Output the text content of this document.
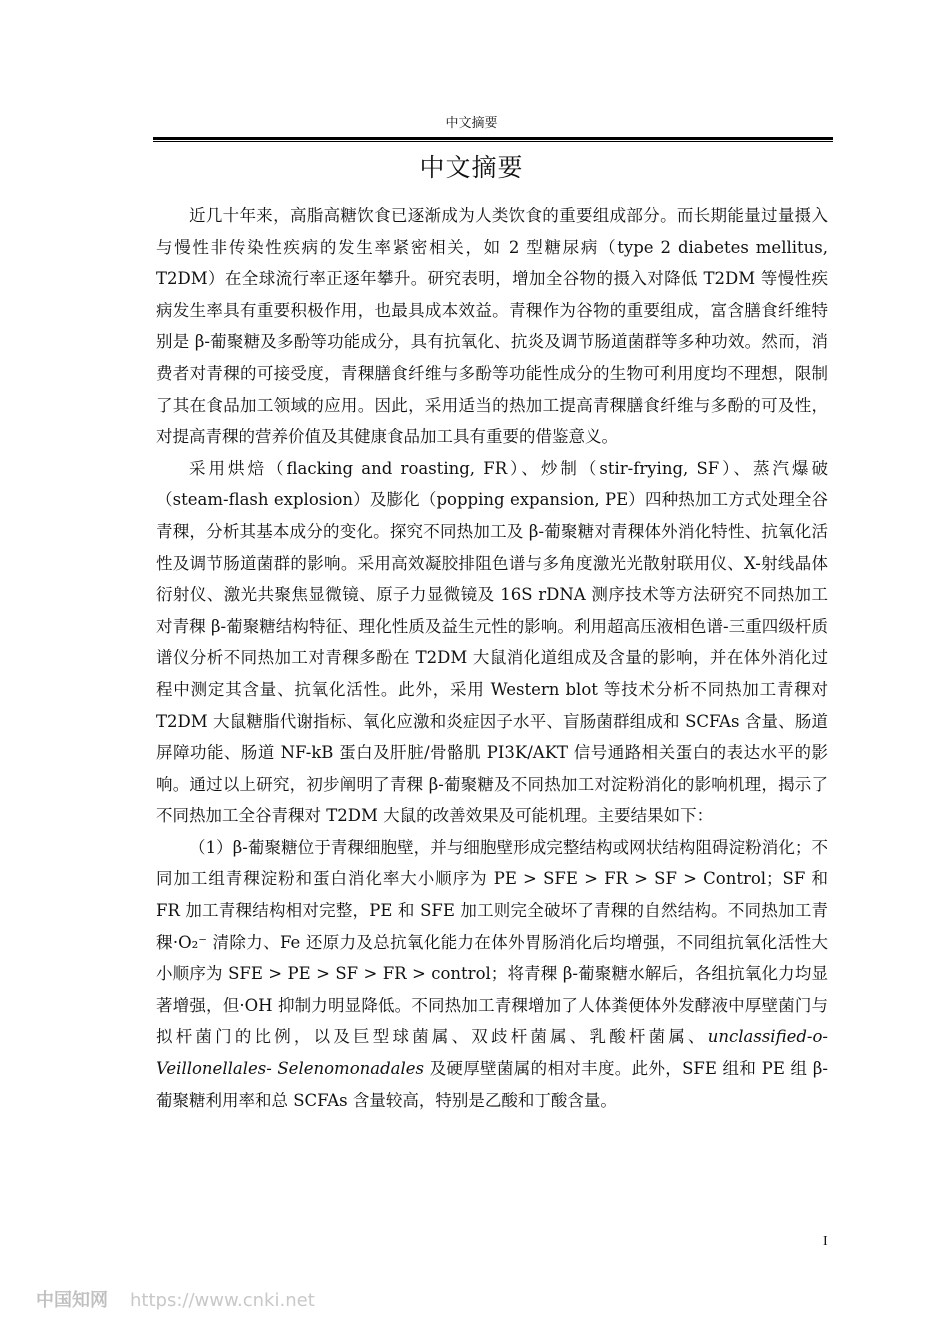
中文摘要
中文摘要

近几十年来，高脂高糖饮食已逐渐成为人类饮食的重要组成部分。而长期能量过量摄入与慢性非传染性疾病的发生率紧密相关，如 2 型糖尿病（type 2 diabetes mellitus, T2DM）在全球流行率正逐年攀升。研究表明，增加全谷物的摄入对降低 T2DM 等慢性疾病发生率具有重要积极作用，也最具成本效益。青稞作为谷物的重要组成，富含膳食纤维特别是 β-葡聚糖及多酚等功能成分，具有抗氧化、抗炎及调节肠道菌群等多种功效。然而，消费者对青稞的可接受度，青稞膳食纤维与多酚等功能性成分的生物可利用度均不理想，限制了其在食品加工领域的应用。因此，采用适当的热加工提高青稞膳食纤维与多酚的可及性，对提高青稞的营养价值及其健康食品加工具有重要的借鉴意义。

采用烘焙（flacking and roasting, FR）、炒制（stir-frying, SF）、蒸汽爆破（steam-flash explosion）及膨化（popping expansion, PE）四种热加工方式处理全谷青稞，分析其基本成分的变化。探究不同热加工及 β-葡聚糖对青稞体外消化特性、抗氧化活性及调节肠道菌群的影响。采用高效凝胶排阻色谱与多角度激光光散射联用仪、X-射线晶体衍射仪、激光共聚焦显微镜、原子力显微镜及 16S rDNA 测序技术等方法研究不同热加工对青稞 β-葡聚糖结构特征、理化性质及益生元性的影响。利用超高压液相色谱-三重四级杆质谱仪分析不同热加工对青稞多酚在 T2DM 大鼠消化道组成及含量的影响，并在体外消化过程中测定其含量、抗氧化活性。此外，采用 Western blot 等技术分析不同热加工青稞对 T2DM 大鼠糖脂代谢指标、氧化应激和炎症因子水平、盲肠菌群组成和 SCFAs 含量、肠道屏障功能、肠道 NF-kB 蛋白及肝脏/骨骼肌 PI3K/AKT 信号通路相关蛋白的表达水平的影响。通过以上研究，初步阐明了青稞 β-葡聚糖及不同热加工对淀粉消化的影响机理，揭示了不同热加工全谷青稞对 T2DM 大鼠的改善效果及可能机理。主要结果如下：

（1）β-葡聚糖位于青稞细胞壁，并与细胞壁形成完整结构或网状结构阻碍淀粉消化；不同加工组青稞淀粉和蛋白消化率大小顺序为 PE > SFE > FR > SF > Control；SF 和 FR 加工青稞结构相对完整，PE 和 SFE 加工则完全破坏了青稞的自然结构。不同热加工青稞·O₂⁻ 清除力、Fe 还原力及总抗氧化能力在体外胃肠消化后均增强，不同组抗氧化活性大小顺序为 SFE > PE > SF > FR > control；将青稞 β-葡聚糖水解后，各组抗氧化力均显著增强，但·OH 抑制力明显降低。不同热加工青稞增加了人体粪便体外发酵液中厚壁菌门与拟杆菌门的比例，以及巨型球菌属、双歧杆菌属、乳酸杆菌属、unclassified-o-Veillonellales- Selenomonadales 及硬厚壁菌属的相对丰度。此外，SFE 组和 PE 组 β-葡聚糖利用率和总 SCFAs 含量较高，特别是乙酸和丁酸含量。

I
中国知网 https://www.cnki.net
